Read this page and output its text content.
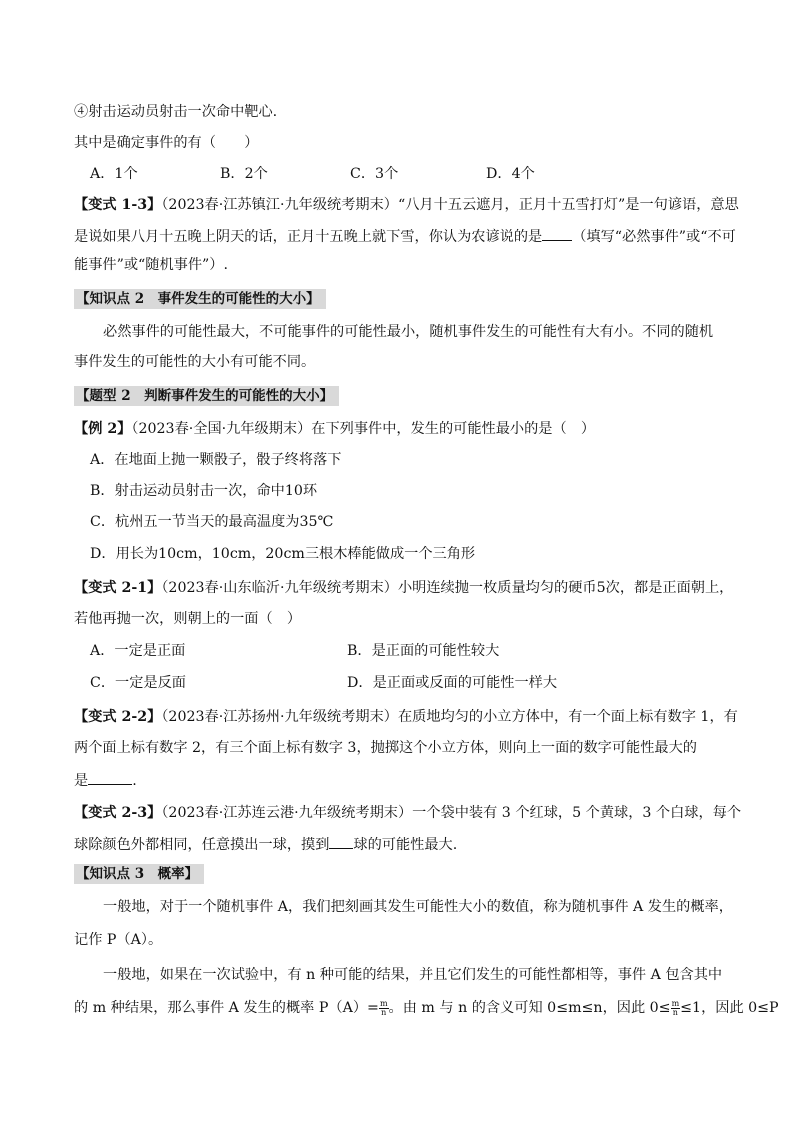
④射击运动员射击一次命中靶心.
其中是确定事件的有（　　）
A．1个	B．2个	C．3个	D．4个
【变式 1-3】（2023春·江苏镇江·九年级统考期末）“八月十五云遮月，正月十五雪打灯”是一句谚语，意思
是说如果八月十五晚上阴天的话，正月十五晚上就下雪，你认为农谚说的是 （填写“必然事件”或“不可
能事件”或“随机事件”）.
【知识点 2　事件发生的可能性的大小】
必然事件的可能性最大，不可能事件的可能性最小，随机事件发生的可能性有大有小。不同的随机
事件发生的可能性的大小有可能不同。
【题型 2　判断事件发生的可能性的大小】
【例 2】（2023春·全国·九年级期末）在下列事件中，发生的可能性最小的是（　）
A．在地面上抛一颗骰子，骰子终将落下
B．射击运动员射击一次，命中10环
C．杭州五一节当天的最高温度为35℃
D．用长为10cm，10cm，20cm三根木棒能做成一个三角形
【变式 2-1】（2023春·山东临沂·九年级统考期末）小明连续抛一枚质量均匀的硬币5次，都是正面朝上，
若他再抛一次，则朝上的一面（　）
A．一定是正面	B．是正面的可能性较大
C．一定是反面	D．是正面或反面的可能性一样大
【变式 2-2】（2023春·江苏扬州·九年级统考期末）在质地均匀的小立方体中，有一个面上标有数字 1，有
两个面上标有数字 2，有三个面上标有数字 3，抛掷这个小立方体，则向上一面的数字可能性最大的
是	.
【变式 2-3】（2023春·江苏连云港·九年级统考期末）一个袋中装有 3 个红球，5 个黄球，3 个白球，每个
球除颜色外都相同，任意摸出一球，摸到 球的可能性最大.
【知识点 3　概率】
一般地，对于一个随机事件 A，我们把刻画其发生可能性大小的数值，称为随机事件 A 发生的概率，
记作 P（A）。
一般地，如果在一次试验中，有 n 种可能的结果，并且它们发生的可能性都相等，事件 A 包含其中
的 m 种结果，那么事件 A 发生的概率 $P(A)= \frac{m}{n}$ 。由 m 与 n 的含义可知 0≤m≤n，因此 $0\le \frac{m}{n} \le 1$，因此 0≤P
